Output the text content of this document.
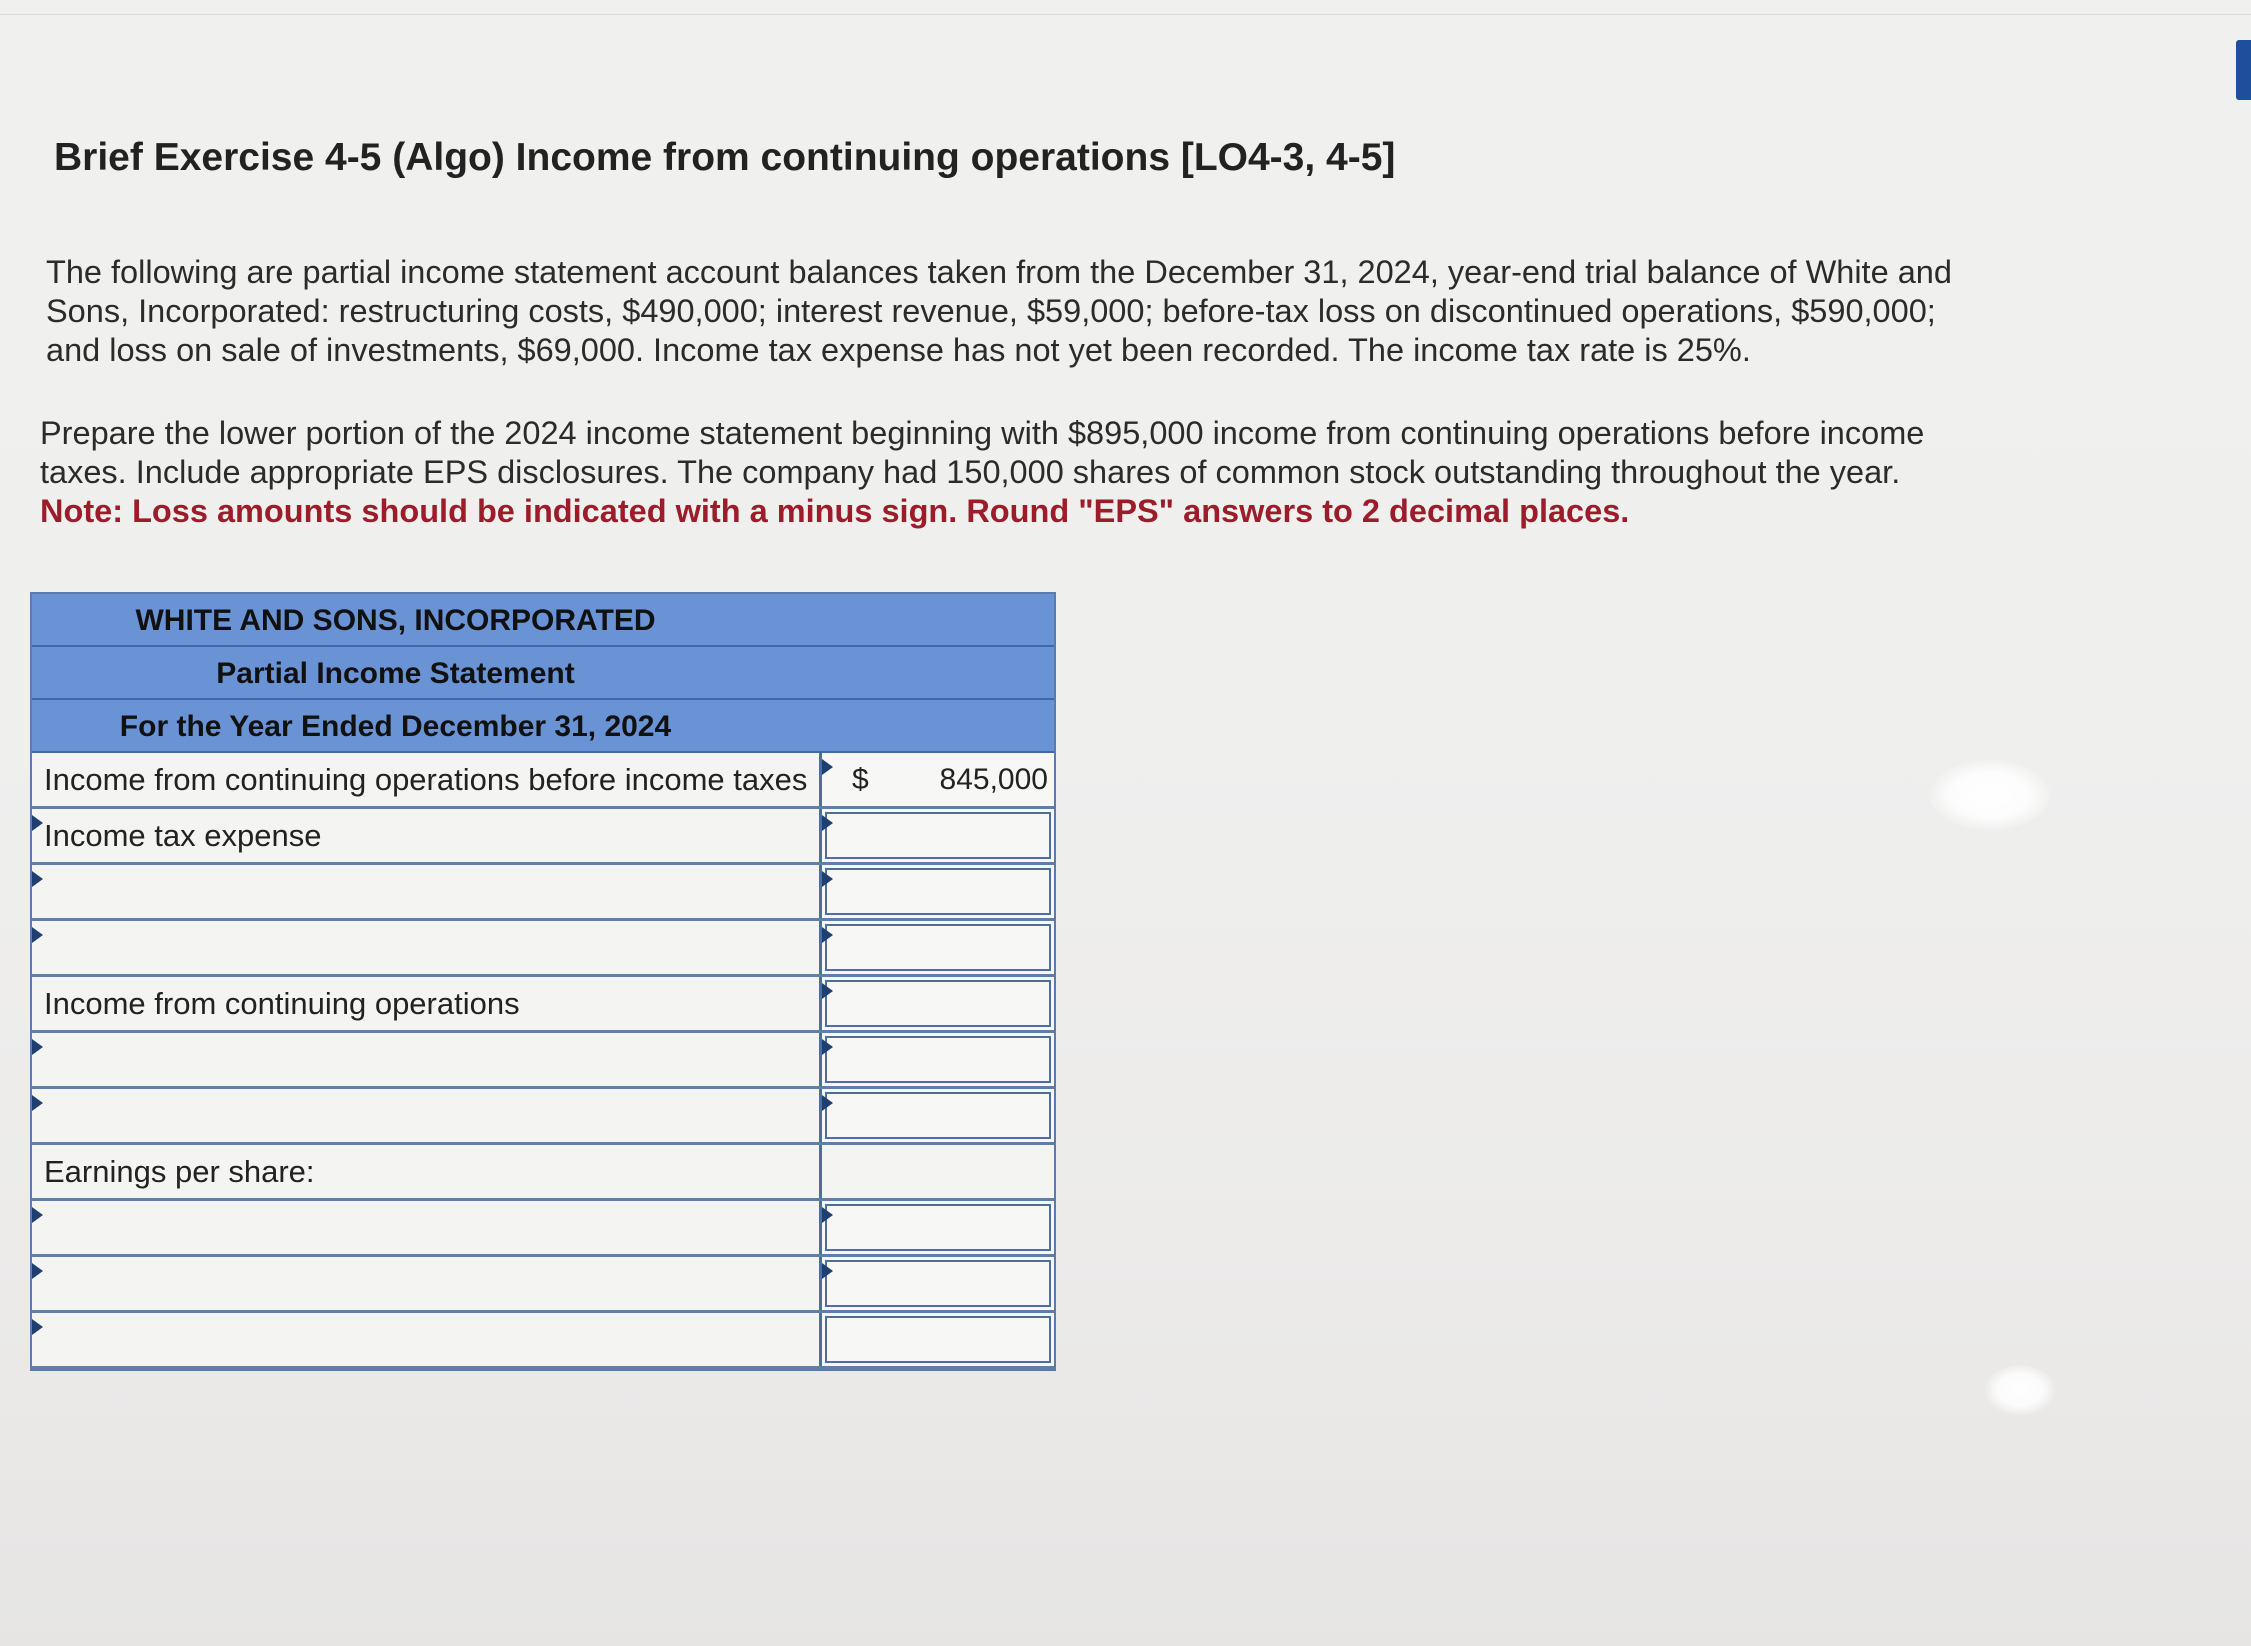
Brief Exercise 4-5 (Algo) Income from continuing operations [LO4-3, 4-5]
The following are partial income statement account balances taken from the December 31, 2024, year-end trial balance of White and
Sons, Incorporated: restructuring costs, $490,000; interest revenue, $59,000; before-tax loss on discontinued operations, $590,000;
and loss on sale of investments, $69,000. Income tax expense has not yet been recorded. The income tax rate is 25%.
Prepare the lower portion of the 2024 income statement beginning with $895,000 income from continuing operations before income
taxes. Include appropriate EPS disclosures. The company had 150,000 shares of common stock outstanding throughout the year.
Note: Loss amounts should be indicated with a minus sign. Round "EPS" answers to 2 decimal places.
WHITE AND SONS, INCORPORATED
Partial Income Statement
For the Year Ended December 31, 2024
Income from continuing operations before income taxes $ 845,000
Income tax expense
Income from continuing operations
Earnings per share:
